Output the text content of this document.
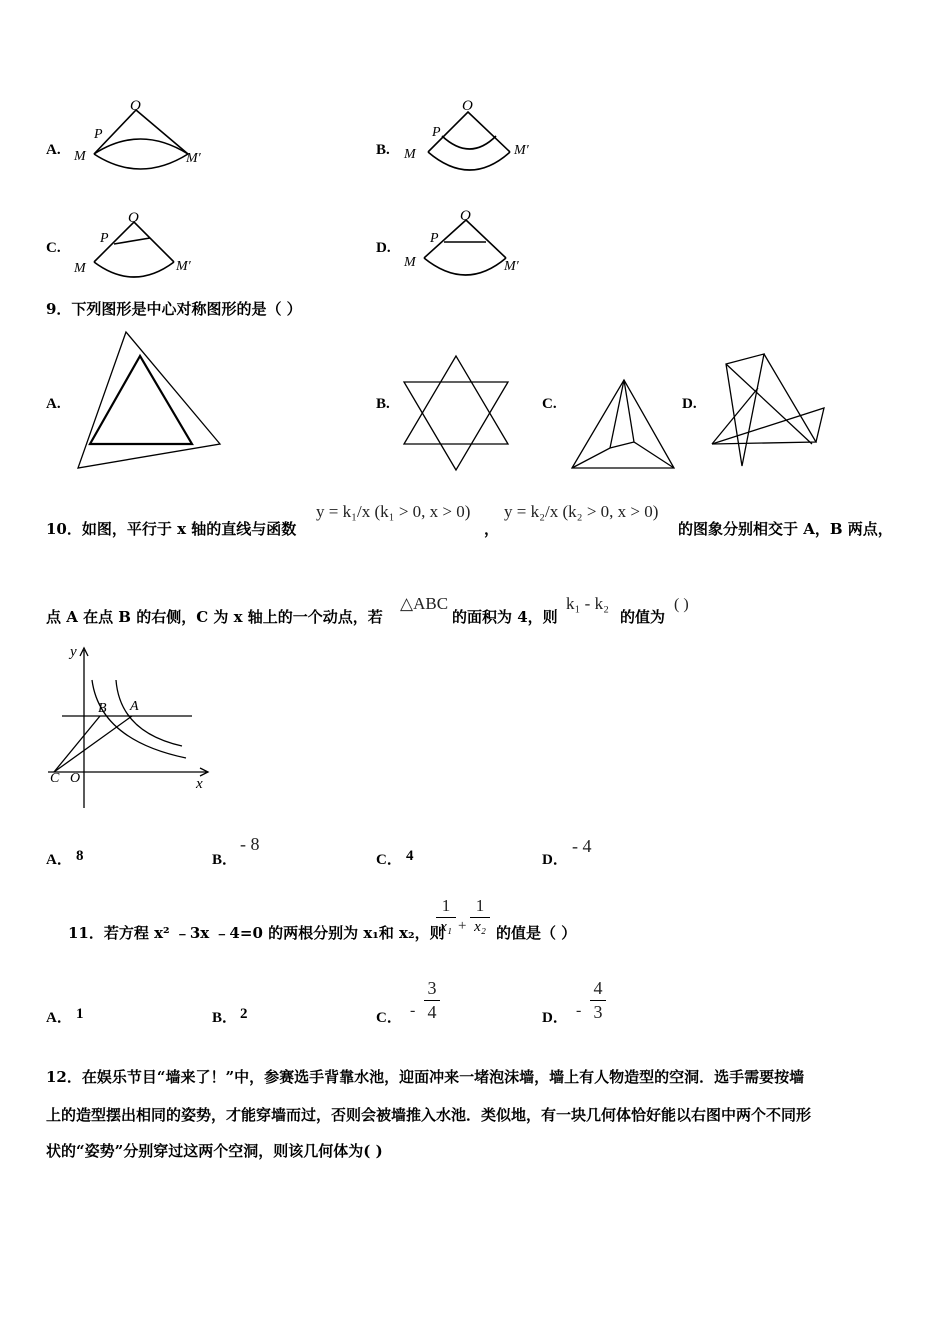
A.
O
P
M	M′
B.
O
P
M	M′
C.
O
P
M	M′
D.
O
P
M	M′
9．下列图形是中心对称图形的是（ ）
A.	B.	C.	D.
10．如图，平行于 x 轴的直线与函数
y = k₁/x (k₁ > 0, x > 0)
，
y = k₂/x (k₂ > 0, x > 0)
的图象分别相交于 A，B 两点，
点 A 在点 B 的右侧，C 为 x 轴上的一个动点，若
△ABC
的面积为 4，则
k₁ - k₂
的值为
( )
y
x
B A
C O
A． 8	B．
- 8
C． 4	D．
- 4
11．若方程 x² ﹣3x ﹣4=0 的两根分别为 x₁和 x₂，则
1
x₁ +
1
x₂ 的值是（ ）
A． 1	B． 2	C． -
3
4	D． -
4
3
12．在娱乐节目“墙来了！”中，参赛选手背靠水池，迎面冲来一堵泡沫墙，墙上有人物造型的空洞．选手需要按墙
上的造型摆出相同的姿势，才能穿墙而过，否则会被墙推入水池．类似地，有一块几何体恰好能以右图中两个不同形
状的“姿势”分别穿过这两个空洞，则该几何体为( )
